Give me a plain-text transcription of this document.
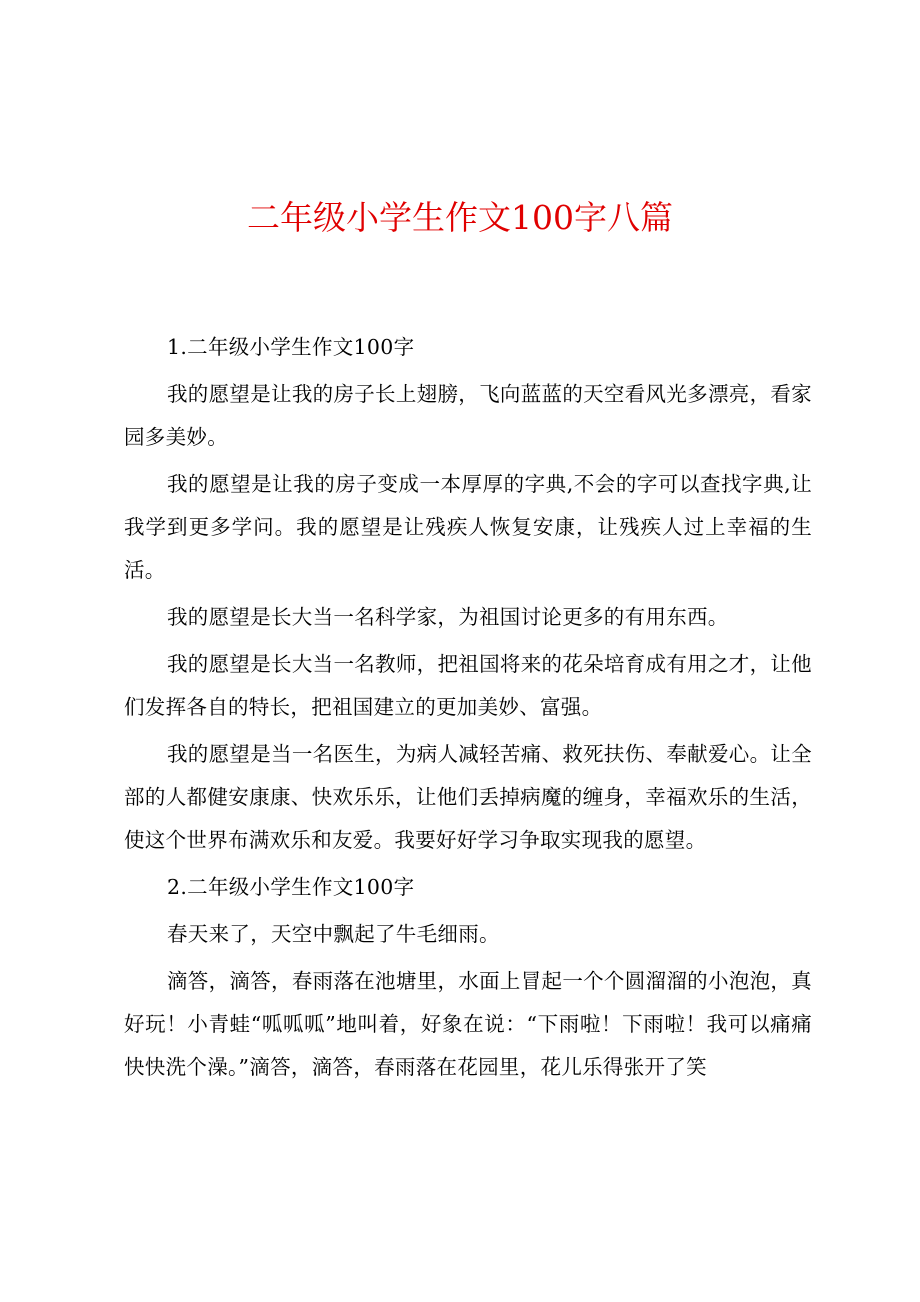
二年级小学生作文100字八篇

1.二年级小学生作文100字

我的愿望是让我的房子长上翅膀，飞向蓝蓝的天空看风光多漂亮，看家园多美妙。

我的愿望是让我的房子变成一本厚厚的字典,不会的字可以查找字典,让我学到更多学问。我的愿望是让残疾人恢复安康，让残疾人过上幸福的生活。

我的愿望是长大当一名科学家，为祖国讨论更多的有用东西。

我的愿望是长大当一名教师，把祖国将来的花朵培育成有用之才，让他们发挥各自的特长，把祖国建立的更加美妙、富强。

我的愿望是当一名医生，为病人减轻苦痛、救死扶伤、奉献爱心。让全部的人都健安康康、快欢乐乐，让他们丢掉病魔的缠身，幸福欢乐的生活，使这个世界布满欢乐和友爱。我要好好学习争取实现我的愿望。

2.二年级小学生作文100字

春天来了，天空中飘起了牛毛细雨。

滴答，滴答，春雨落在池塘里，水面上冒起一个个圆溜溜的小泡泡，真好玩！小青蛙“呱呱呱”地叫着，好象在说：“下雨啦！下雨啦！我可以痛痛快快洗个澡。”滴答，滴答，春雨落在花园里，花儿乐得张开了笑
